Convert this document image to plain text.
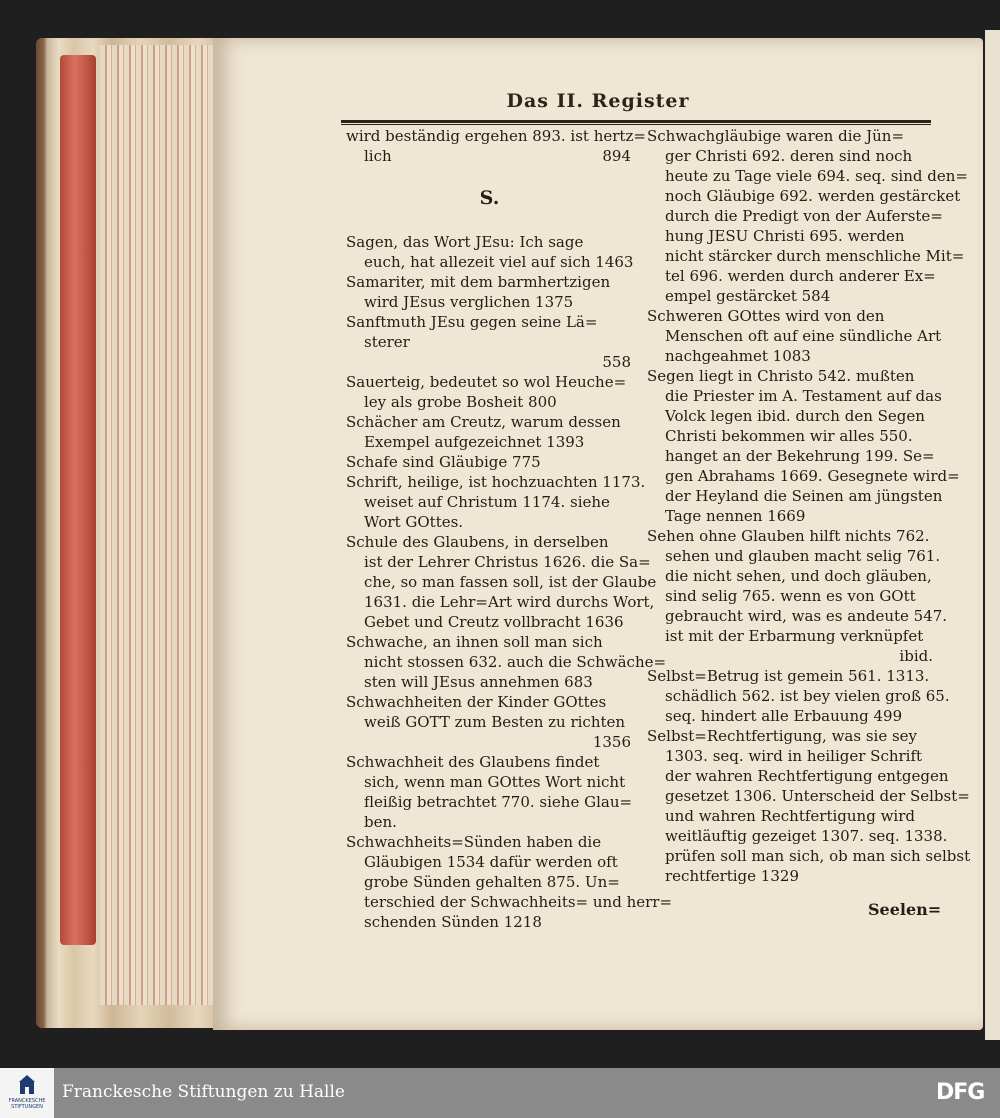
Das II. Register
wird beständig ergehen 893. ist hertz=
lich	894
S.
Sagen, das Wort JEsu: Ich sage
euch, hat allezeit viel auf sich 1463
Samariter, mit dem barmhertzigen
wird JEsus verglichen 1375
Sanftmuth JEsu gegen seine Lä=
sterer
558
Sauerteig, bedeutet so wol Heuche=
ley als grobe Bosheit 800
Schächer am Creutz, warum dessen
Exempel aufgezeichnet 1393
Schafe sind Gläubige 775
Schrift, heilige, ist hochzuachten 1173.
weiset auf Christum 1174. siehe
Wort GOttes.
Schule des Glaubens, in derselben
ist der Lehrer Christus 1626. die Sa=
che, so man fassen soll, ist der Glaube
1631. die Lehr=Art wird durchs Wort,
Gebet und Creutz vollbracht 1636
Schwache, an ihnen soll man sich
nicht stossen 632. auch die Schwäche=
sten will JEsus annehmen 683
Schwachheiten der Kinder GOttes
weiß GOTT zum Besten zu richten
1356
Schwachheit des Glaubens findet
sich, wenn man GOttes Wort nicht
fleißig betrachtet 770. siehe Glau=
ben.
Schwachheits=Sünden haben die
Gläubigen 1534 dafür werden oft
grobe Sünden gehalten 875. Un=
terschied der Schwachheits= und herr=
schenden Sünden 1218
Schwachgläubige waren die Jün=
ger Christi 692. deren sind noch
heute zu Tage viele 694. seq. sind den=
noch Gläubige 692. werden gestärcket
durch die Predigt von der Auferste=
hung JESU Christi 695. werden
nicht stärcker durch menschliche Mit=
tel 696. werden durch anderer Ex=
empel gestärcket 584
Schweren GOttes wird von den
Menschen oft auf eine sündliche Art
nachgeahmet 1083
Segen liegt in Christo 542. mußten
die Priester im A. Testament auf das
Volck legen ibid. durch den Segen
Christi bekommen wir alles 550.
hanget an der Bekehrung 199. Se=
gen Abrahams 1669. Gesegnete wird=
der Heyland die Seinen am jüngsten
Tage nennen 1669
Sehen ohne Glauben hilft nichts 762.
sehen und glauben macht selig 761.
die nicht sehen, und doch gläuben,
sind selig 765. wenn es von GOtt
gebraucht wird, was es andeute 547.
ist mit der Erbarmung verknüpfet
ibid.
Selbst=Betrug ist gemein 561. 1313.
schädlich 562. ist bey vielen groß 65.
seq. hindert alle Erbauung 499
Selbst=Rechtfertigung, was sie sey
1303. seq. wird in heiliger Schrift
der wahren Rechtfertigung entgegen
gesetzet 1306. Unterscheid der Selbst=
und wahren Rechtfertigung wird
weitläuftig gezeiget 1307. seq. 1338.
prüfen soll man sich, ob man sich selbst
rechtfertige 1329
Seelen=
FRANCKESCHE STIFTUNGEN
Franckesche Stiftungen zu Halle	DFG
